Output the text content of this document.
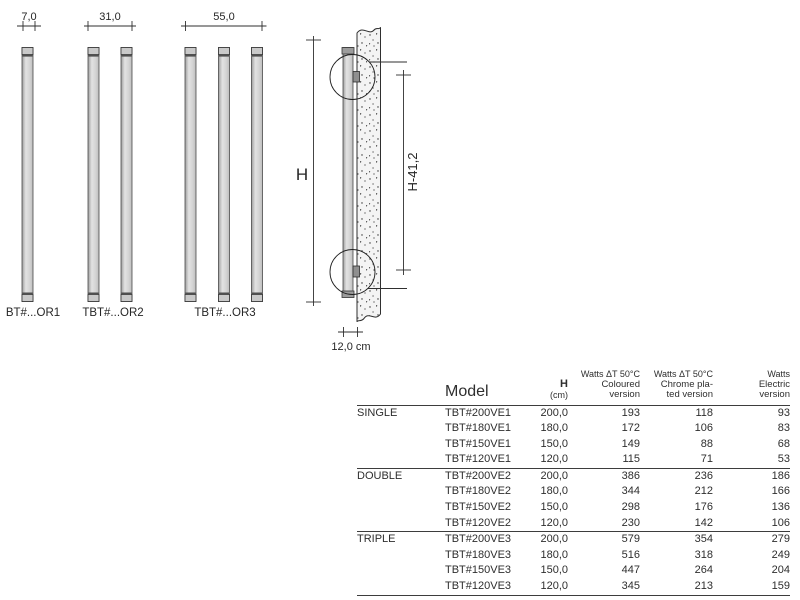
7,0
BT#...OR1
31,0
TBT#...OR2
55,0
TBT#...OR3
H	H-41,2
12,0 cm
	Model	H
(cm)

Watts ΔT 50°C
Coloured
version

Watts ΔT 50°C
Chrome pla-
ted version

Watts
Electric
version

SINGLE	TBT#200VE1	200,0	193	118	93
	TBT#180VE1	180,0	172	106	83
	TBT#150VE1	150,0	149	88	68
	TBT#120VE1	120,0	115	71	53
DOUBLE	TBT#200VE2	200,0	386	236	186
	TBT#180VE2	180,0	344	212	166
	TBT#150VE2	150,0	298	176	136
	TBT#120VE2	120,0	230	142	106
TRIPLE	TBT#200VE3	200,0	579	354	279
	TBT#180VE3	180,0	516	318	249
	TBT#150VE3	150,0	447	264	204
	TBT#120VE3	120,0	345	213	159
